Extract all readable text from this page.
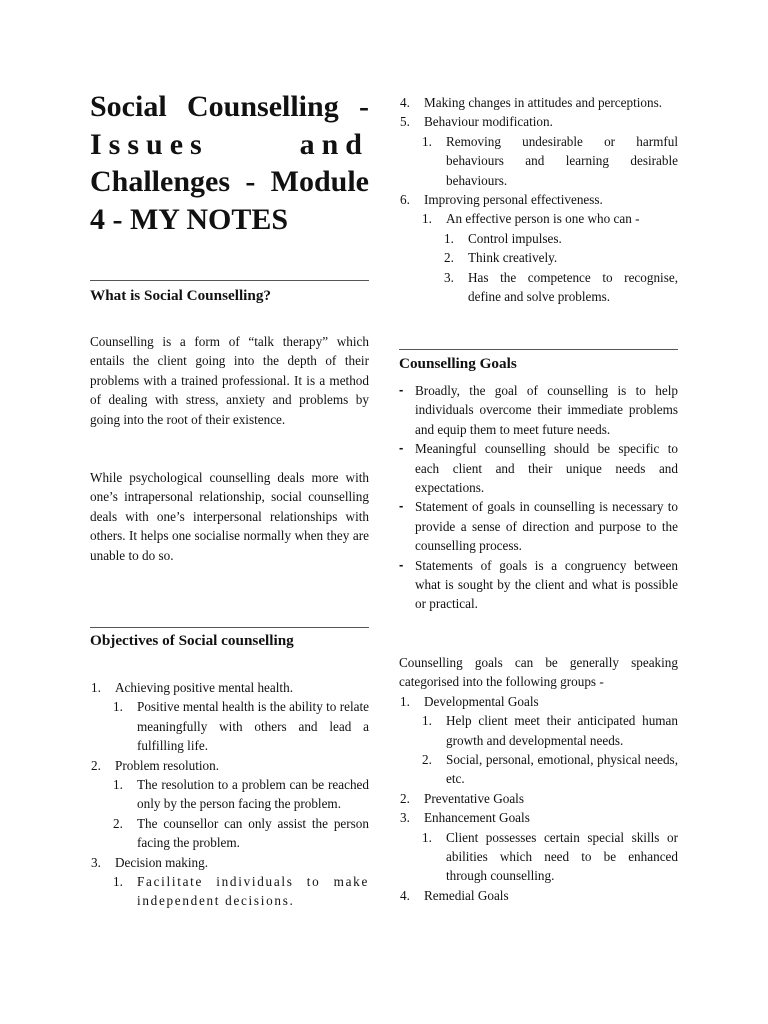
Social Counselling -
Issues and
Challenges - Module
4 - MY NOTES
What is Social Counselling?

Counselling is a form of “talk therapy” which entails the client going into the depth of their problems with a trained professional. It is a method of dealing with stress, anxiety and problems by going into the root of their existence.

While psychological counselling deals more with one’s intrapersonal relationship, social counselling deals with one’s interpersonal relationships with others. It helps one socialise normally when they are unable to do so.

Objectives of Social counselling
1. Achieving positive mental health.
1. Positive mental health is the ability to relate meaningfully with others and lead a fulfilling life.

2. Problem resolution.
1. The resolution to a problem can be reached only by the person facing the problem.

2. The counsellor can only assist the person facing the problem.

3. Decision making.
1. Facilitate individuals to make independent decisions.

4. Making changes in attitudes and perceptions.

5. Behaviour modification.
1. Removing undesirable or harmful behaviours and learning desirable behaviours.

6. Improving personal effectiveness.
1. An effective person is one who can -
1. Control impulses.
2. Think creatively.
3. Has the competence to recognise, define and solve problems.

Counselling Goals
- Broadly, the goal of counselling is to help individuals overcome their immediate problems and equip them to meet future needs.

- Meaningful counselling should be specific to each client and their unique needs and expectations.

- Statement of goals in counselling is necessary to provide a sense of direction and purpose to the counselling process.

- Statements of goals is a congruency between what is sought by the client and what is possible or practical.

Counselling goals can be generally speaking categorised into the following groups -

1. Developmental Goals
1. Help client meet their anticipated human growth and developmental needs.

2. Social, personal, emotional, physical needs, etc.

2. Preventative Goals
3. Enhancement Goals
1. Client possesses certain special skills or abilities which need to be enhanced through counselling.

4. Remedial Goals
